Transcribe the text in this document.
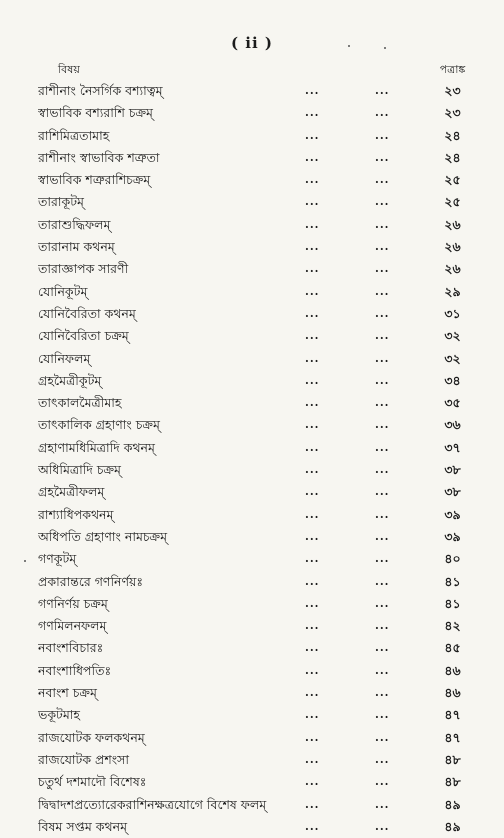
( ii )
বিষয়	পত্রাঙ্ক
রাশীনাং নৈসর্গিক বশ্যাত্বম্	...	...	২৩
স্বাভাবিক বশ্যরাশি চক্রম্	...	...	২৩
রাশিমিত্রতামাহ	...	...	২৪
রাশীনাং স্বাভাবিক শত্রুতা	...	...	২৪
স্বাভাবিক শত্রুরাশিচক্রম্	...	...	২৫
তারাকূটম্	...	...	২৫
তারাশুদ্ধিফলম্	...	...	২৬
তারানাম কথনম্	...	...	২৬
তারাজ্ঞাপক সারণী	...	...	২৬
যোনিকূটম্	...	...	২৯
যোনিবৈরিতা কথনম্	...	...	৩১
যোনিবৈরিতা চক্রম্	...	...	৩২
যোনিফলম্	...	...	৩২
গ্রহমৈত্রীকূটম্	...	...	৩৪
তাৎকালমৈত্রীমাহ	...	...	৩৫
তাৎকালিক গ্রহাণাং চক্রম্	...	...	৩৬
গ্রহাণামধিমিত্রাদি কথনম্	...	...	৩৭
অধিমিত্রাদি চক্রম্	...	...	৩৮
গ্রহমৈত্রীফলম্	...	...	৩৮
রাশ্যাধিপকথনম্	...	...	৩৯
অধিপতি গ্রহাণাং নামচক্রম্	...	...	৩৯
গণকূটম্	...	...	৪০
প্রকারান্তরে গণনির্ণয়ঃ	...	...	৪১
গণনির্ণয় চক্রম্	...	...	৪১
গণমিলনফলম্	...	...	৪২
নবাংশবিচারঃ	...	...	৪৫
নবাংশাধিপতিঃ	...	...	৪৬
নবাংশ চক্রম্	...	...	৪৬
ভকূটমাহ	...	...	৪৭
রাজযোটক ফলকথনম্	...	...	৪৭
রাজযোটক প্রশংসা	...	...	৪৮
চতুর্থ দশমাদৌ বিশেষঃ	...	...	৪৮
দ্বিদ্বাদশপ্রত্যোরেকরাশিনক্ষত্রযোগে বিশেষ ফলম্	...	...	৪৯
বিষম সপ্তম কথনম্	...	...	৪৯
